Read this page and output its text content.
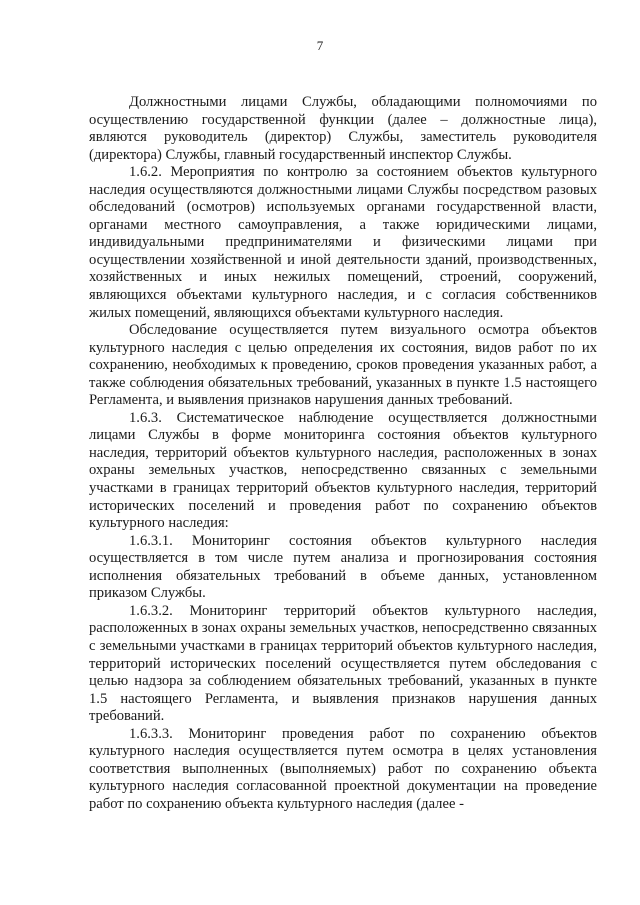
7

Должностными лицами Службы, обладающими полномочиями по осуществлению государственной функции (далее – должностные лица), являются руководитель (директор) Службы, заместитель руководителя (директора) Службы, главный государственный инспектор Службы.

1.6.2. Мероприятия по контролю за состоянием объектов культурного наследия осуществляются должностными лицами Службы посредством разовых обследований (осмотров) используемых органами государственной власти, органами местного самоуправления, а также юридическими лицами, индивидуальными предпринимателями и физическими лицами при осуществлении хозяйственной и иной деятельности зданий, производственных, хозяйственных и иных нежилых помещений, строений, сооружений, являющихся объектами культурного наследия, и с согласия собственников жилых помещений, являющихся объектами культурного наследия.

Обследование осуществляется путем визуального осмотра объектов культурного наследия с целью определения их состояния, видов работ по их сохранению, необходимых к проведению, сроков проведения указанных работ, а также соблюдения обязательных требований, указанных в пункте 1.5 настоящего Регламента, и выявления признаков нарушения данных требований.

1.6.3. Систематическое наблюдение осуществляется должностными лицами Службы в форме мониторинга состояния объектов культурного наследия, территорий объектов культурного наследия, расположенных в зонах охраны земельных участков, непосредственно связанных с земельными участками в границах территорий объектов культурного наследия, территорий исторических поселений и проведения работ по сохранению объектов культурного наследия:

1.6.3.1. Мониторинг состояния объектов культурного наследия осуществляется в том числе путем анализа и прогнозирования состояния исполнения обязательных требований в объеме данных, установленном приказом Службы.

1.6.3.2. Мониторинг территорий объектов культурного наследия, расположенных в зонах охраны земельных участков, непосредственно связанных с земельными участками в границах территорий объектов культурного наследия, территорий исторических поселений осуществляется путем обследования с целью надзора за соблюдением обязательных требований, указанных в пункте 1.5 настоящего Регламента, и выявления признаков нарушения данных требований.

1.6.3.3. Мониторинг проведения работ по сохранению объектов культурного наследия осуществляется путем осмотра в целях установления соответствия выполненных (выполняемых) работ по сохранению объекта культурного наследия согласованной проектной документации на проведение работ по сохранению объекта культурного наследия (далее -
